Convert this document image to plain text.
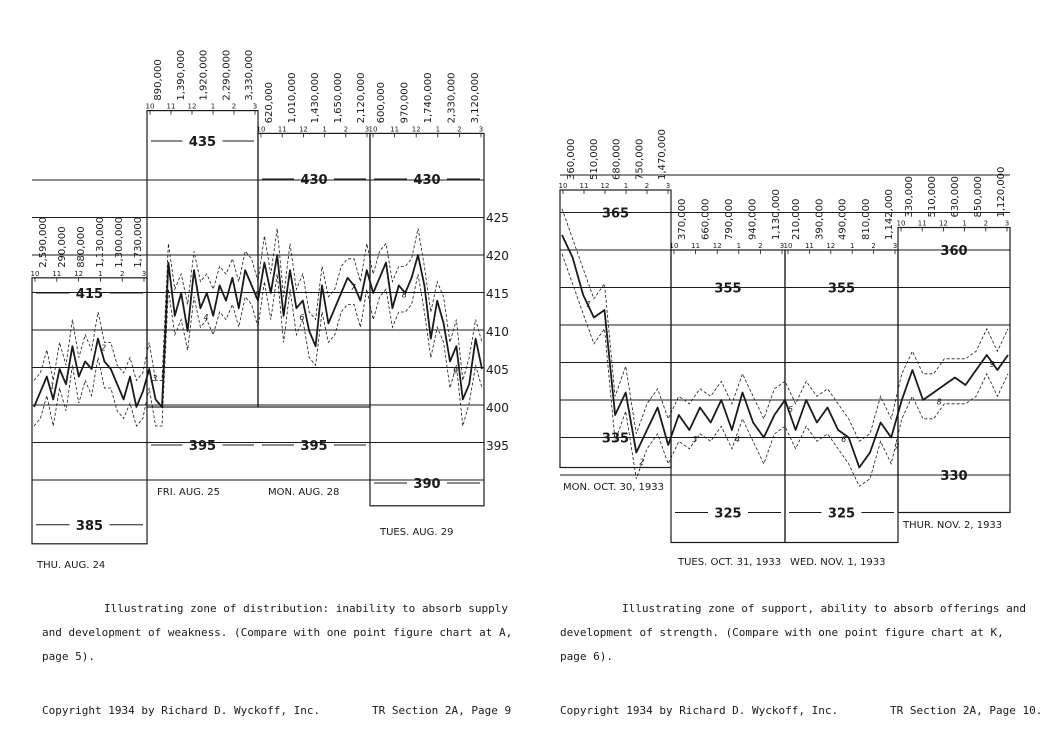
10 11 12 1 2 3
2,590,000 290,000 880,000 1,130,000 1,300,000 1,730,000
415
385
THU. AUG. 24
10 11 12 1 2 3
890,000 1,390,000 1,920,000 2,290,000 3,330,000
435
395
FRI. AUG. 25
10 11 12 1 2 3
620,000 1,010,000 1,430,000 1,650,000 2,120,000
430
395
MON. AUG. 28
10 11 12 1 2 3
600,000 970,000 1,740,000 2,330,000 3,120,000
430
390
TUES. AUG. 29
425
420
415
410
405
400
395
1
2
3
4
5
6
7
8
9
10 11 12 1 2 3
360,000 510,000 680,000 750,000 1,470,000
365
335
MON. OCT. 30, 1933
10 11 12 1 2 3
370,000 660,000 790,000 940,000 1,130,000
355
325
TUES. OCT. 31, 1933
10 11 12 1 2 3
210,000 390,000 490,000 810,000 1,142,000
355
325
WED. NOV. 1, 1933
10 11 12 1 2 3
330,000 510,000 630,000 850,000 1,120,000
360
330
THUR. NOV. 2, 1933
1
2
3	4
5
6
7
8
9
Illustrating zone of distribution: inability to absorb supply
and development of weakness. (Compare with one point figure chart at A,
page 5).
Illustrating zone of support, ability to absorb offerings and
development of strength. (Compare with one point figure chart at K,
page 6).
Copyright 1934 by Richard D. Wyckoff, Inc.	TR Section 2A, Page 9	Copyright 1934 by Richard D. Wyckoff, Inc.	TR Section 2A, Page 10.
